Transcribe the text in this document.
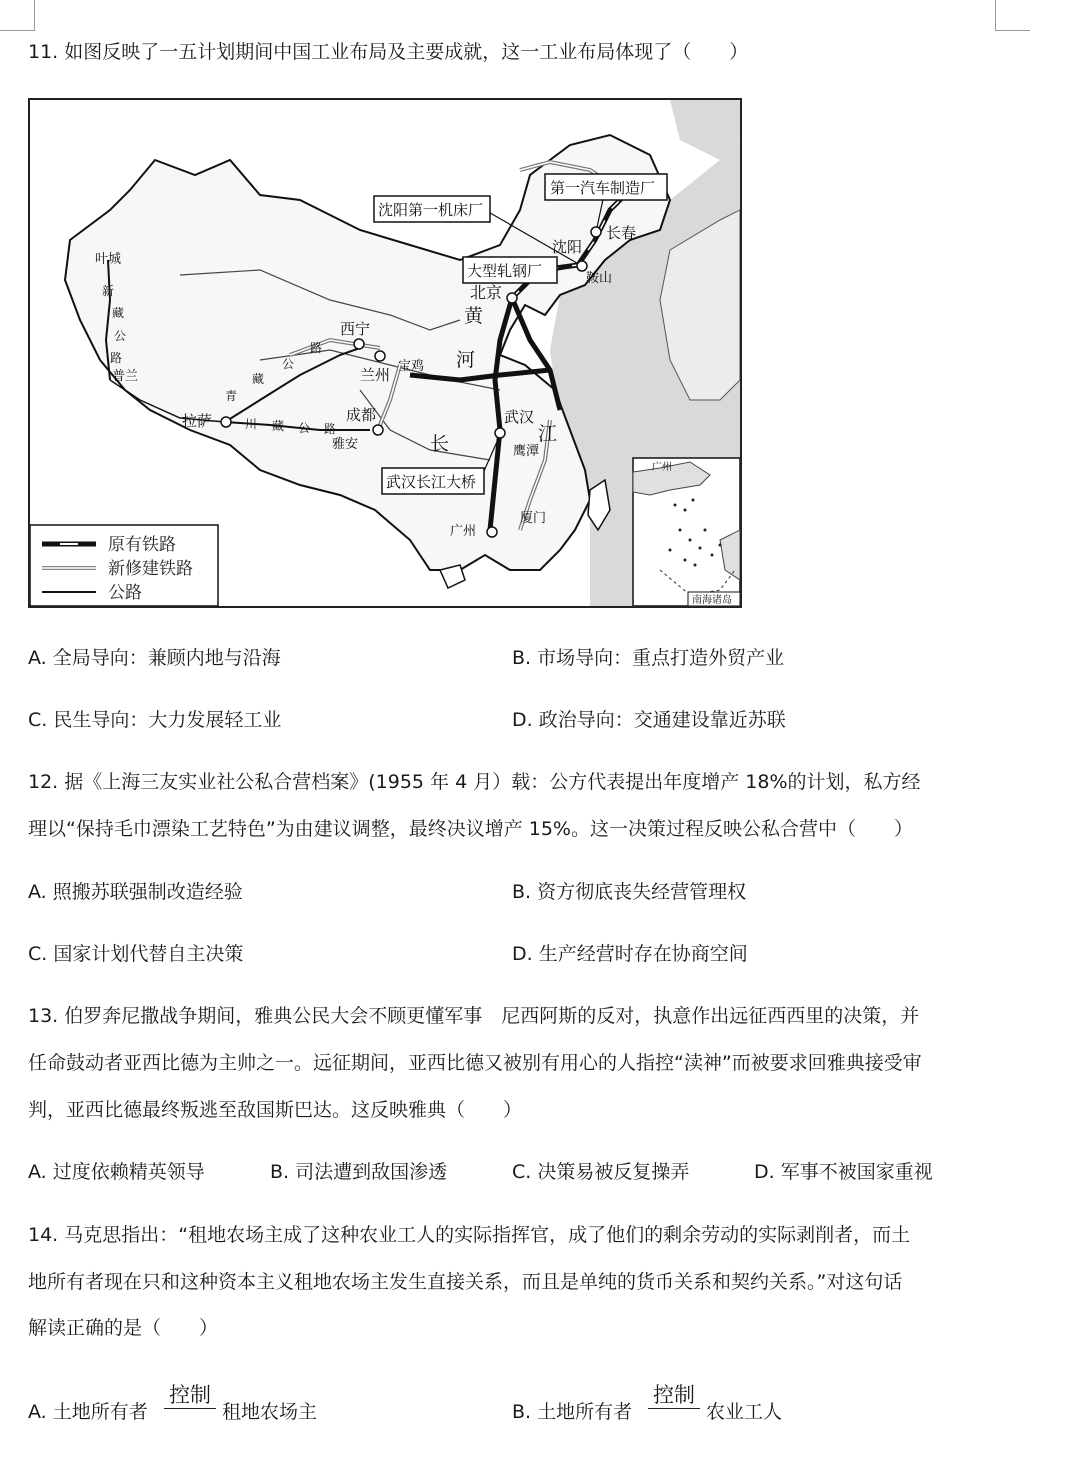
11. 如图反映了一五计划期间中国工业布局及主要成就，这一工业布局体现了（　　）
叶城
普兰
拉萨
西宁
兰州 宝鸡
成都
雅安
北京
沈阳
长春
鞍山
武汉
鹰潭
广州
厦门
新
藏
公
路
青
藏
公
路
川 藏 公 路
黄
河
长	江
第一汽车制造厂
沈阳第一机床厂
大型轧钢厂
武汉长江大桥
原有铁路
新修建铁路
公路
广州
南海诸岛
A. 全局导向：兼顾内地与沿海	B. 市场导向：重点打造外贸产业
C. 民生导向：大力发展轻工业	D. 政治导向：交通建设靠近苏联
12. 据《上海三友实业社公私合营档案》(1955 年 4 月）载：公方代表提出年度增产 18%的计划，私方经
理以“保持毛巾漂染工艺特色”为由建议调整，最终决议增产 15%。这一决策过程反映公私合营中（　　）
A. 照搬苏联强制改造经验	B. 资方彻底丧失经营管理权
C. 国家计划代替自主决策	D. 生产经营时存在协商空间
13. 伯罗奔尼撒战争期间，雅典公民大会不顾更懂军事　尼西阿斯的反对，执意作出远征西西里的决策，并
任命鼓动者亚西比德为主帅之一。远征期间，亚西比德又被别有用心的人指控“渎神”而被要求回雅典接受审
判，亚西比德最终叛逃至敌国斯巴达。这反映雅典（　　）
A. 过度依赖精英领导	B. 司法遭到敌国渗透	C. 决策易被反复操弄	D. 军事不被国家重视
14. 马克思指出：“租地农场主成了这种农业工人的实际指挥官，成了他们的剩余劳动的实际剥削者，而土
地所有者现在只和这种资本主义租地农场主发生直接关系，而且是单纯的货币关系和契约关系。”对这句话
解读正确的是（　　）
A. 土地所有者
控制
租地农场主	B. 土地所有者
控制
农业工人
